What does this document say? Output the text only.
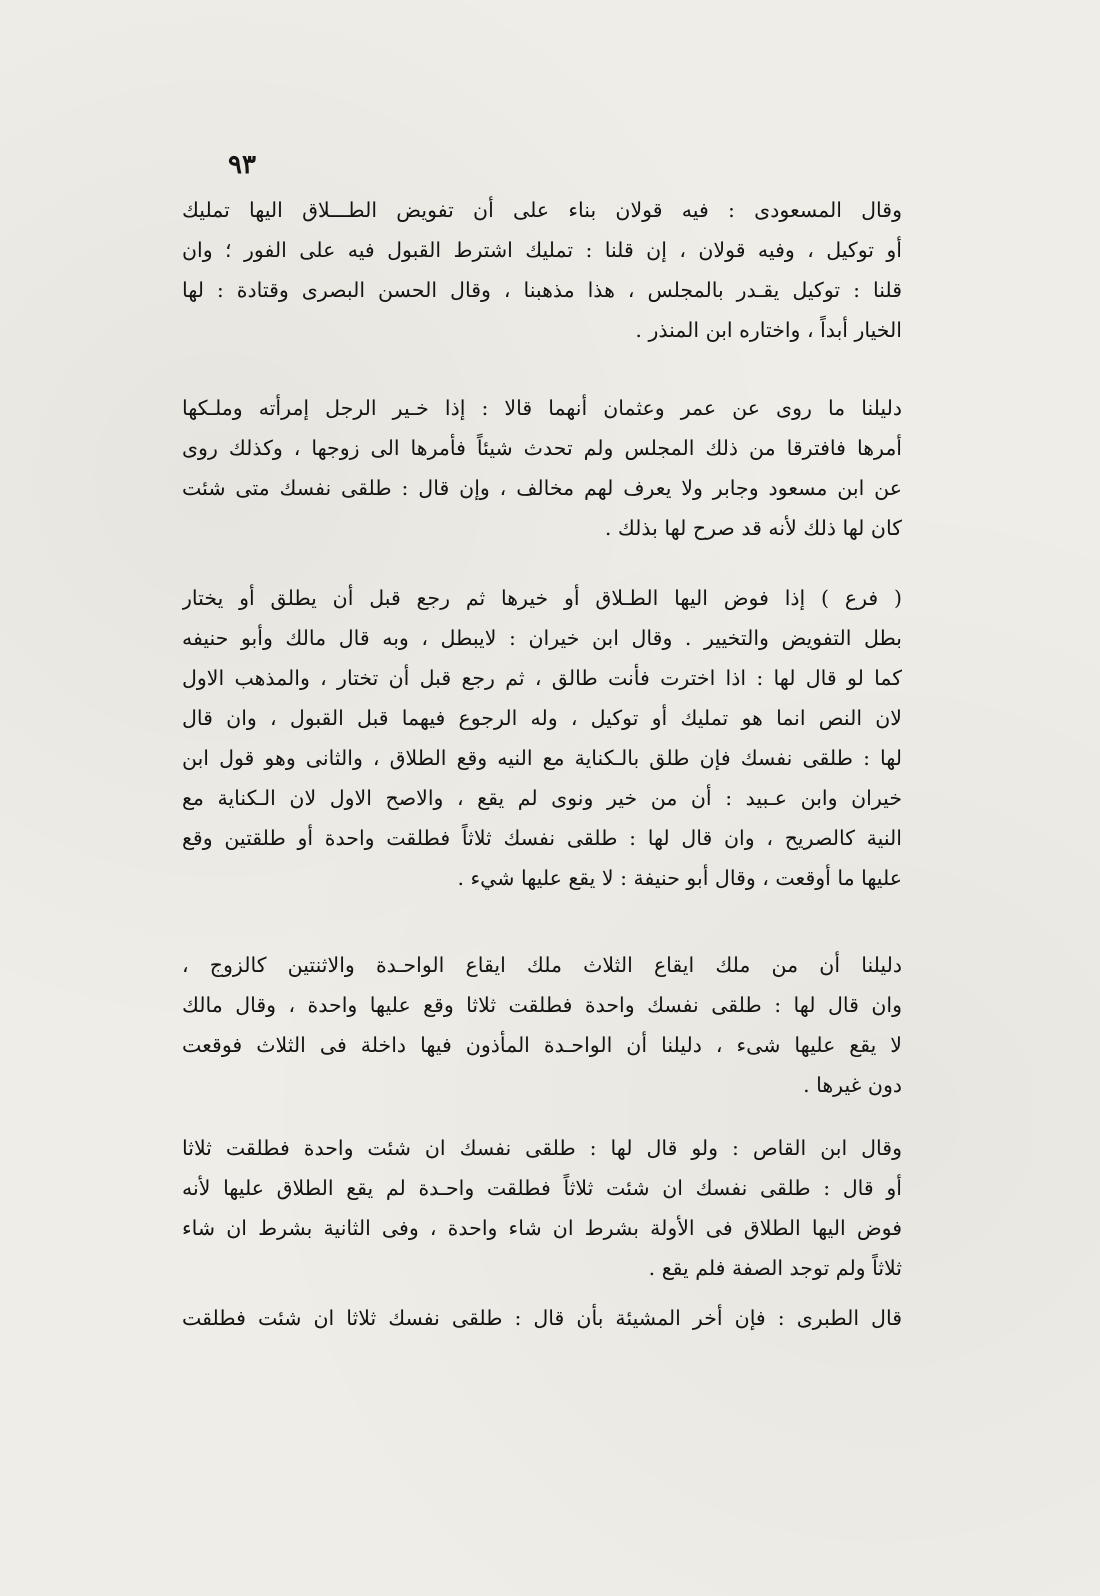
٩٣
وقال المسعودى : فيه قولان بناء على أن تفويض الطـــلاق اليها تمليك
أو توكيل ، وفيه قولان ، إن قلنا : تمليك اشترط القبول فيه على الفور ؛ وان
قلنا : توكيل يقـدر بالمجلس ، هذا مذهبنا ، وقال الحسن البصرى وقتادة : لها
الخيار أبداً ، واختاره ابن المنذر .
دليلنا ما روى عن عمر وعثمان أنهما قالا : إذا خـير الرجل إمرأته وملـكها
أمرها فافترقا من ذلك المجلس ولم تحدث شيئاً فأمرها الى زوجها ، وكذلك روى
عن ابن مسعود وجابر ولا يعرف لهم مخالف ، وإن قال : طلقى نفسك متى شئت
كان لها ذلك لأنه قد صرح لها بذلك .
( فرع ) إذا فوض اليها الطـلاق أو خيرها ثم رجع قبل أن يطلق أو يختار
بطل التفويض والتخيير . وقال ابن خيران : لايبطل ، وبه قال مالك وأبو حنيفه
كما لو قال لها : اذا اخترت فأنت طالق ، ثم رجع قبل أن تختار ، والمذهب الاول
لان النص انما هو تمليك أو توكيل ، وله الرجوع فيهما قبل القبول ، وان قال
لها : طلقى نفسك فإن طلق بالـكناية مع النيه وقع الطلاق ، والثانى وهو قول ابن
خيران وابن عـبيد : أن من خير ونوى لم يقع ، والاصح الاول لان الـكناية مع
النية كالصريح ، وان قال لها : طلقى نفسك ثلاثاً فطلقت واحدة أو طلقتين وقع
عليها ما أوقعت ، وقال أبو حنيفة : لا يقع عليها شيء .
دليلنا أن من ملك ايقاع الثلاث ملك ايقاع الواحـدة والاثنتين كالزوج ،
وان قال لها : طلقى نفسك واحدة فطلقت ثلاثا وقع عليها واحدة ، وقال مالك
لا يقع عليها شىء ، دليلنا أن الواحـدة المأذون فيها داخلة فى الثلاث فوقعت
دون غيرها .
وقال ابن القاص : ولو قال لها : طلقى نفسك ان شئت واحدة فطلقت ثلاثا
أو قال : طلقى نفسك ان شئت ثلاثاً فطلقت واحـدة لم يقع الطلاق عليها لأنه
فوض اليها الطلاق فى الأولة بشرط ان شاء واحدة ، وفى الثانية بشرط ان شاء
ثلاثاً ولم توجد الصفة فلم يقع .
قال الطبرى : فإن أخر المشيئة بأن قال : طلقى نفسك ثلاثا ان شئت فطلقت
